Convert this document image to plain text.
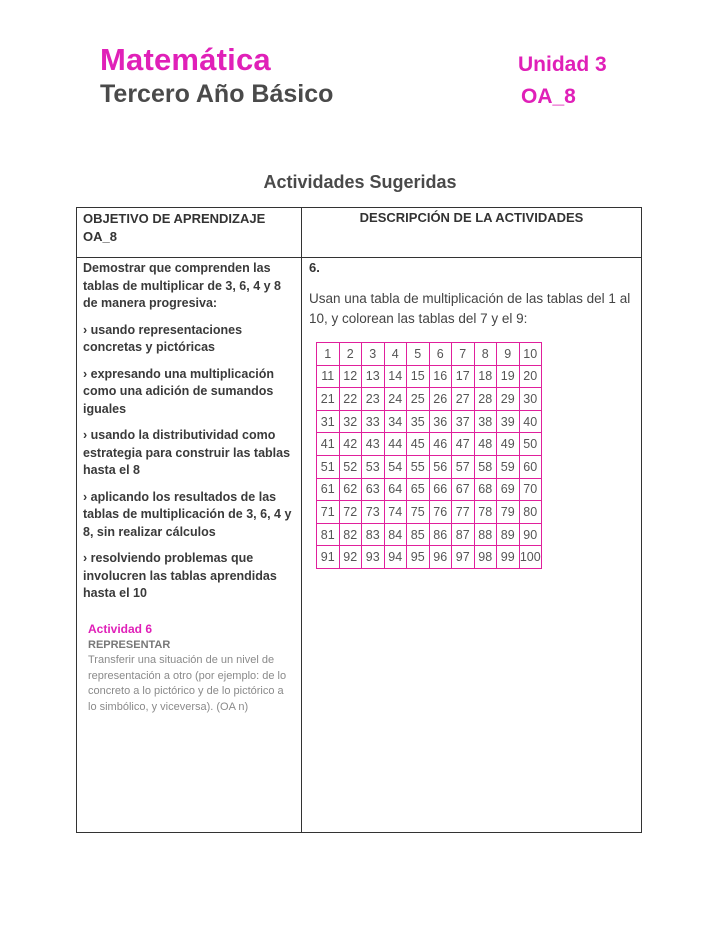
Matemática
Tercero Año Básico
Unidad 3
OA_8
Actividades Sugeridas
OBJETIVO DE APRENDIZAJE OA_8
DESCRIPCIÓN DE LA ACTIVIDADES

Demostrar que comprenden las tablas de multiplicar de 3, 6, 4 y 8 de manera progresiva:

› usando representaciones concretas y pictóricas

› expresando una multiplicación como una adición de sumandos iguales

› usando la distributividad como estrategia para construir las tablas hasta el 8

› aplicando los resultados de las tablas de multiplicación de 3, 6, 4 y 8, sin realizar cálculos

› resolviendo problemas que involucren las tablas aprendidas hasta el 10

Actividad 6
REPRESENTAR
Transferir una situación de un nivel de representación a otro (por ejemplo: de lo concreto a lo pictórico y de lo pictórico a lo simbólico, y viceversa). (OA n)
6.
Usan una tabla de multiplicación de las tablas del 1 al 10, y colorean las tablas del 7 y el 9:
1	2	3	4	5	6	7	8	9	10
11	12	13	14	15	16	17	18	19	20
21	22	23	24	25	26	27	28	29	30
31	32	33	34	35	36	37	38	39	40
41	42	43	44	45	46	47	48	49	50
51	52	53	54	55	56	57	58	59	60
61	62	63	64	65	66	67	68	69	70
71	72	73	74	75	76	77	78	79	80
81	82	83	84	85	86	87	88	89	90
91	92	93	94	95	96	97	98	99	100
